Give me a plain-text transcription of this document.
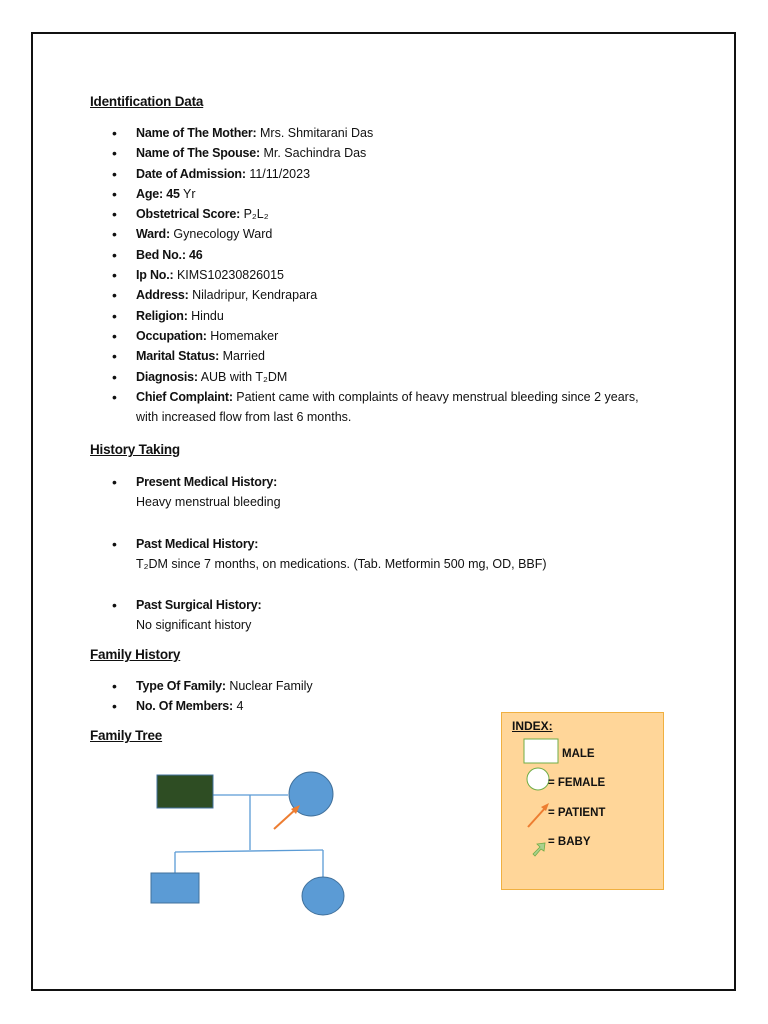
Identification Data
• Name of The Mother: Mrs. Shmitarani Das
• Name of The Spouse: Mr. Sachindra Das
• Date of Admission: 11/11/2023
• Age: 45 Yr
• Obstetrical Score: P₂L₂
• Ward: Gynecology Ward
• Bed No.: 46
• Ip No.: KIMS10230826015
• Address: Niladripur, Kendrapara
• Religion: Hindu
• Occupation: Homemaker
• Marital Status: Married
• Diagnosis: AUB with T₂DM
• Chief Complaint: Patient came with complaints of heavy menstrual bleeding since 2 years, with increased flow from last 6 months.
History Taking
• Present Medical History:
Heavy menstrual bleeding
• Past Medical History:
T₂DM since 7 months, on medications. (Tab. Metformin 500 mg, OD, BBF)
• Past Surgical History:
No significant history
Family History
• Type Of Family: Nuclear Family
• No. Of Members: 4
Family Tree
INDEX:
MALE
= FEMALE
= PATIENT
= BABY
